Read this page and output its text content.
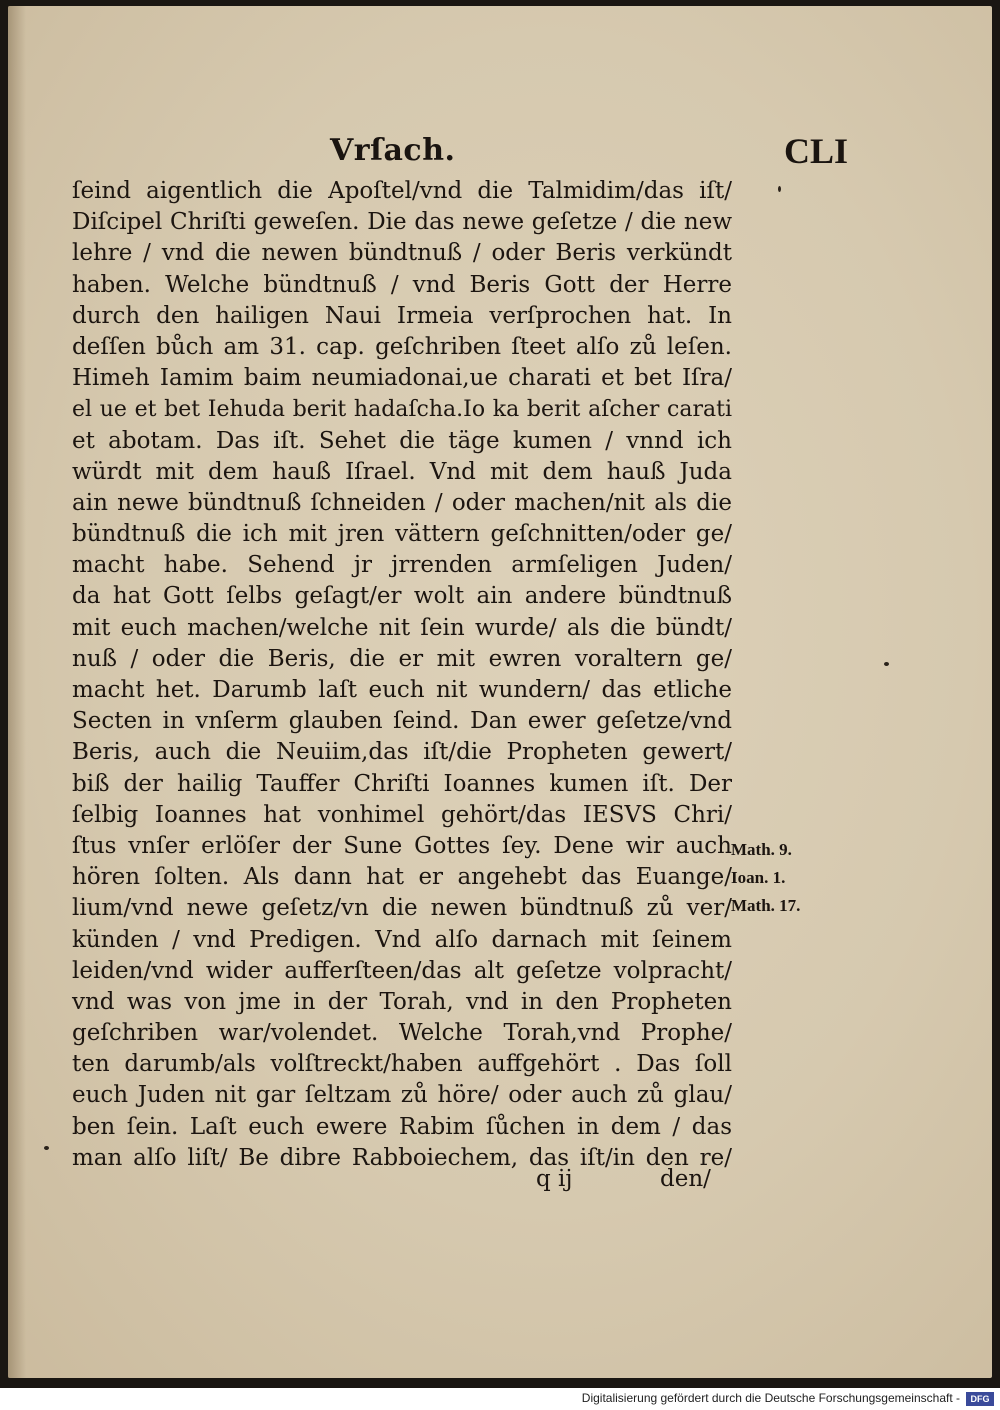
Vrſach.	CLI
ſeind aigentlich die Apoſtel/vnd die Talmidim/das iſt/
Diſcipel Chriſti geweſen. Die das newe geſetze / die new
lehre / vnd die newen bündtnuß / oder Beris verkündt
haben. Welche bündtnuß / vnd Beris Gott der Herre
durch den hailigen Naui Irmeia verſprochen hat. In
deſſen bůch am 31. cap. geſchriben ſteet alſo zů leſen.
Himeh Iamim baim neumiadonai,ue charati et bet Iſra/
el ue et bet Iehuda berit hadaſcha.Io ka berit aſcher carati
et abotam. Das iſt. Sehet die täge kumen / vnnd ich
würdt mit dem hauß Iſrael. Vnd mit dem hauß Juda
ain newe bündtnuß ſchneiden / oder machen/nit als die
bündtnuß die ich mit jren vättern geſchnitten/oder ge/
macht habe. Sehend jr jrrenden armſeligen Juden/
da hat Gott ſelbs geſagt/er wolt ain andere bündtnuß
mit euch machen/welche nit ſein wurde/ als die bündt/
nuß / oder die Beris, die er mit ewren voraltern ge/
macht het. Darumb laſt euch nit wundern/ das etliche
Secten in vnſerm glauben ſeind. Dan ewer geſetze/vnd
Beris, auch die Neuiim,das iſt/die Propheten gewert/
biß der hailig Tauffer Chriſti Ioannes kumen iſt. Der
ſelbig Ioannes hat vonhimel gehört/das IESVS Chri/
ſtus vnſer erlöſer der Sune Gottes ſey. Dene wir auch
hören ſolten. Als dann hat er angehebt das Euange/
lium/vnd newe geſetz/vn die newen bündtnuß zů ver/
künden / vnd Predigen. Vnd alſo darnach mit ſeinem
leiden/vnd wider aufferſteen/das alt geſetze volpracht/
vnd was von jme in der Torah, vnd in den Propheten
geſchriben war/volendet. Welche Torah,vnd Prophe/
ten darumb/als volſtreckt/haben auffgehört . Das ſoll
euch Juden nit gar ſeltzam zů höre/ oder auch zů glau/
ben ſein. Laſt euch ewere Rabim ſůchen in dem / das
man alſo liſt/ Be dibre Rabboiechem, das iſt/in den re/
q ij	den/
Math. 9.
Ioan. 1.
Math. 17.
Digitalisierung gefördert durch die Deutsche Forschungsgemeinschaft -	DFG
